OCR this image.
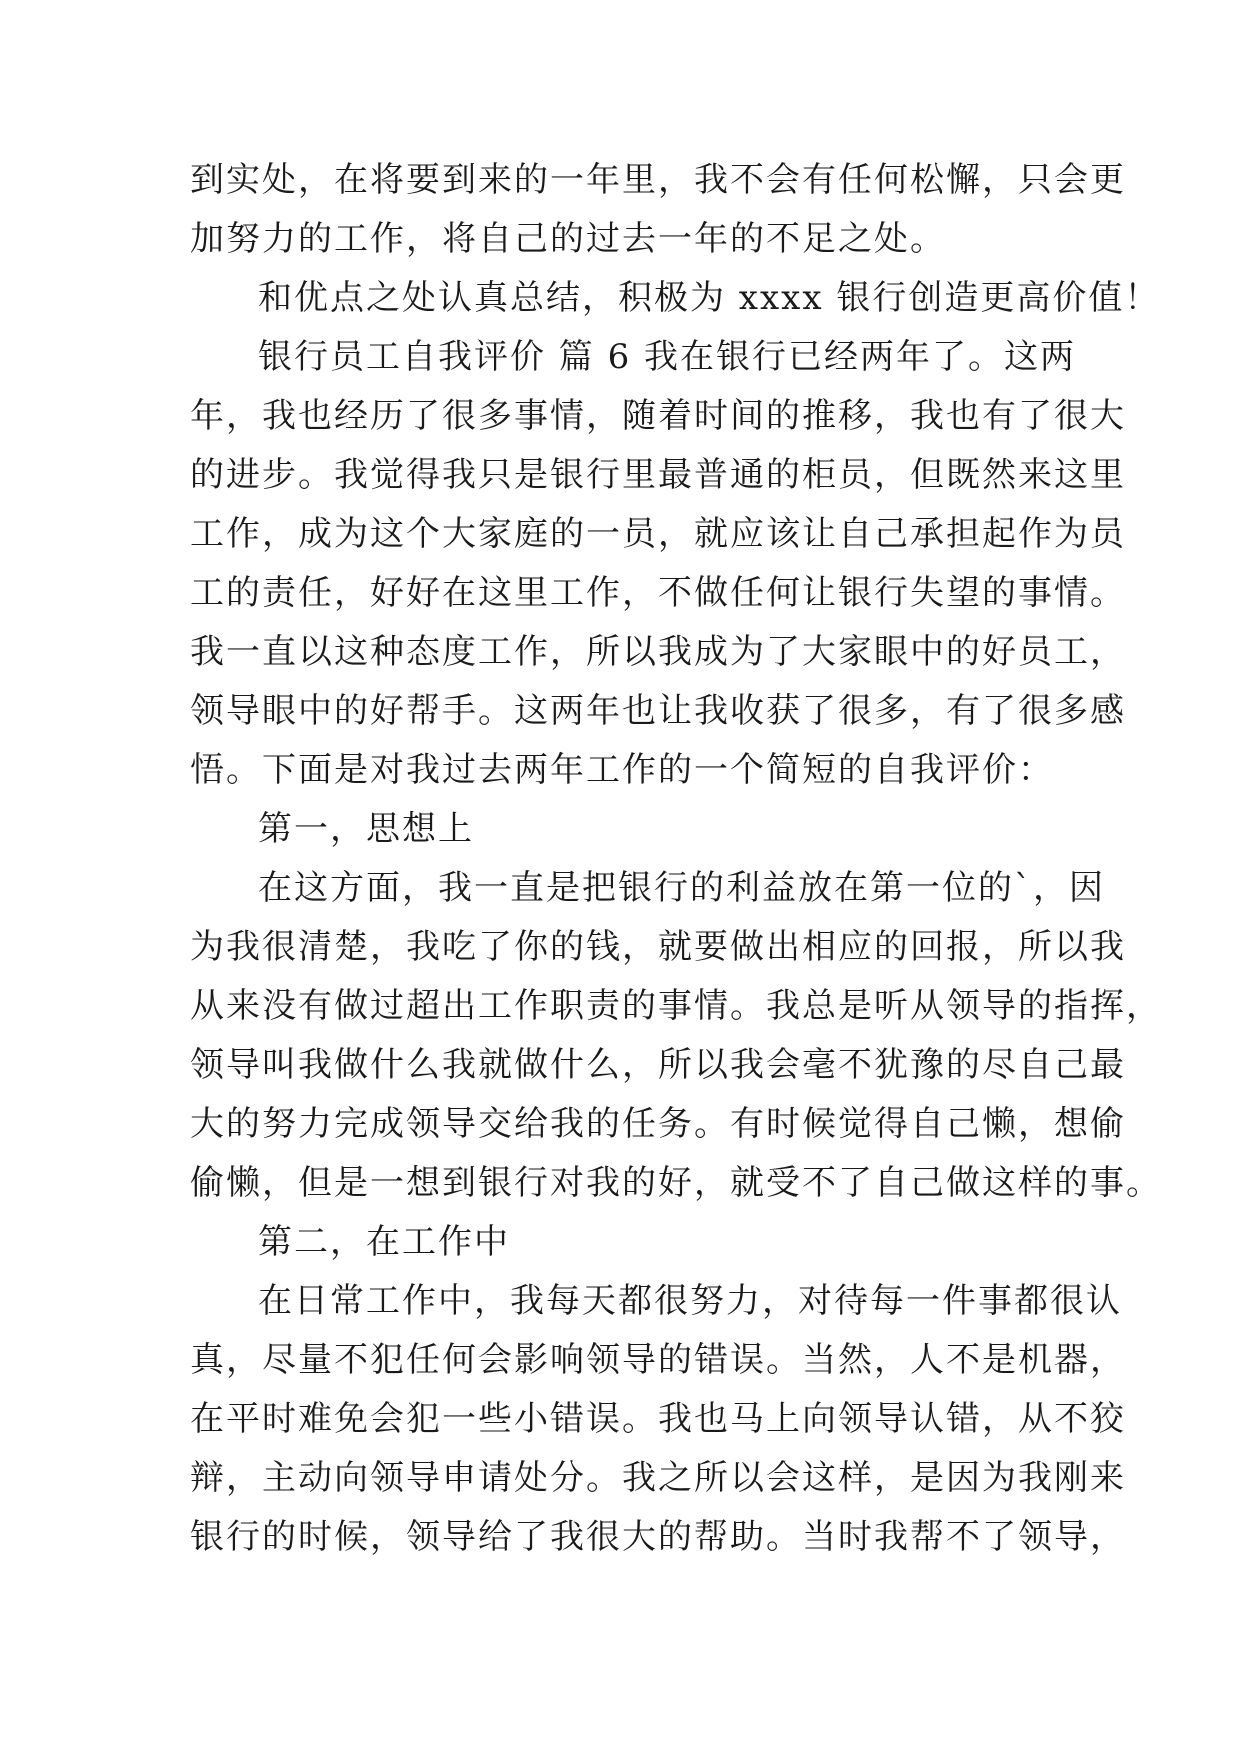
到实处，在将要到来的一年里，我不会有任何松懈，只会更
加努力的工作，将自己的过去一年的不足之处。
和优点之处认真总结，积极为 xxxx 银行创造更高价值！
银行员工自我评价 篇 6 我在银行已经两年了。这两
年，我也经历了很多事情，随着时间的推移，我也有了很大
的进步。我觉得我只是银行里最普通的柜员，但既然来这里
工作，成为这个大家庭的一员，就应该让自己承担起作为员
工的责任，好好在这里工作，不做任何让银行失望的事情。
我一直以这种态度工作，所以我成为了大家眼中的好员工，
领导眼中的好帮手。这两年也让我收获了很多，有了很多感
悟。下面是对我过去两年工作的一个简短的自我评价：
第一，思想上
在这方面，我一直是把银行的利益放在第一位的`，因
为我很清楚，我吃了你的钱，就要做出相应的回报，所以我
从来没有做过超出工作职责的事情。我总是听从领导的指挥，
领导叫我做什么我就做什么，所以我会毫不犹豫的尽自己最
大的努力完成领导交给我的任务。有时候觉得自己懒，想偷
偷懒，但是一想到银行对我的好，就受不了自己做这样的事。
第二，在工作中
在日常工作中，我每天都很努力，对待每一件事都很认
真，尽量不犯任何会影响领导的错误。当然，人不是机器，
在平时难免会犯一些小错误。我也马上向领导认错，从不狡
辩，主动向领导申请处分。我之所以会这样，是因为我刚来
银行的时候，领导给了我很大的帮助。当时我帮不了领导，
